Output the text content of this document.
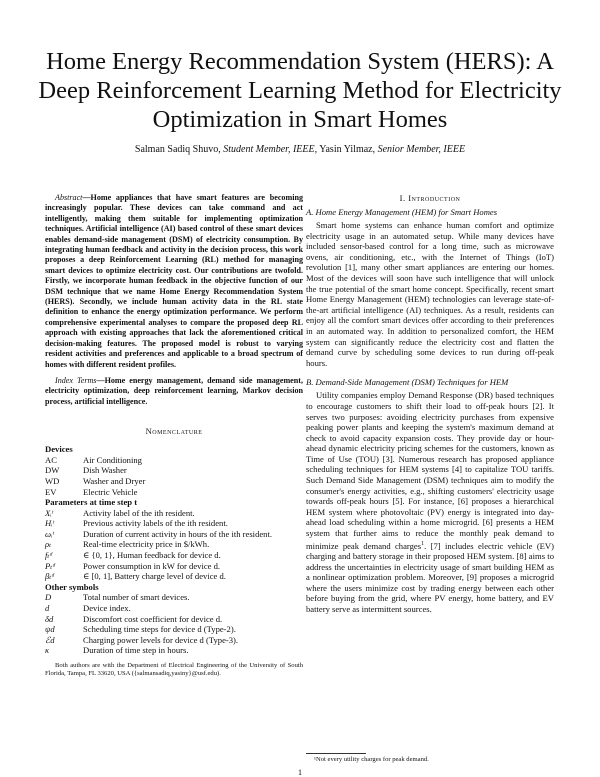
Home Energy Recommendation System (HERS): A Deep Reinforcement Learning Method for Electricity Optimization in Smart Homes
Salman Sadiq Shuvo, Student Member, IEEE, Yasin Yilmaz, Senior Member, IEEE

Abstract—Home appliances that have smart features are becoming increasingly popular. These devices can take command and act intelligently, making them suitable for implementing optimization techniques. Artificial intelligence (AI) based control of these smart devices enables demand-side management (DSM) of electricity consumption. By integrating human feedback and activity in the decision process, this work proposes a deep Reinforcement Learning (RL) method for managing smart devices to optimize electricity cost. Our contributions are twofold. Firstly, we incorporate human feedback in the objective function of our DSM technique that we name Home Energy Recommendation System (HERS). Secondly, we include human activity data in the RL state definition to enhance the energy optimization performance. We perform comprehensive experimental analyses to compare the proposed deep RL approach with existing approaches that lack the aforementioned critical decision-making features. The proposed model is robust to varying resident activities and preferences and applicable to a broad spectrum of homes with different resident profiles.

Index Terms—Home energy management, demand side management, electricity optimization, deep reinforcement learning, Markov decision process, artificial intelligence.

Nomenclature
Devices
AC	Air Conditioning
DW	Dish Washer
WD	Washer and Dryer
EV	Electric Vehicle
Parameters at time step t
Xᵢᵗ	Activity label of the ith resident.
Hᵢᵗ	Previous activity labels of the ith resident.
ωᵢᵗ	Duration of current activity in hours of the ith resident.
ρₜ	Real-time electricity price in $/kWh.
fₜᵈ	∈ {0, 1}, Human feedback for device d.
Pₜᵈ	Power consumption in kW for device d.
βₜᵈ	∈ [0, 1], Battery charge level of device d.
Other symbols
D	Total number of smart devices.
d	Device index.
δd	Discomfort cost coefficient for device d.
ψd	Scheduling time steps for device d (Type-2).
ℰd	Charging power levels for device d (Type-3).
κ	Duration of time step in hours.

Both authors are with the Department of Electrical Engineering of the University of South Florida, Tampa, FL 33620, USA ({salmansadiq,yasiny}@usf.edu).

I. Introduction
A. Home Energy Management (HEM) for Smart Homes

Smart home systems can enhance human comfort and optimize electricity usage in an automated setup. While many devices have included sensor-based control for a long time, such as microwave ovens, air conditioning, etc., with the Internet of Things (IoT) revolution [1], many other smart appliances are entering our homes. Most of the devices will soon have such intelligence that will unlock the true potential of the smart home concept. Specifically, recent smart Home Energy Management (HEM) technologies can leverage state-of-the-art artificial intelligence (AI) techniques. As a result, residents can enjoy all the comfort smart devices offer according to their preferences in an automated way. In addition to personalized comfort, the HEM system can significantly reduce the electricity cost and flatten the demand curve by scheduling some devices to run during off-peak hours.

B. Demand-Side Management (DSM) Techniques for HEM

Utility companies employ Demand Response (DR) based techniques to encourage customers to shift their load to off-peak hours [2]. It serves two purposes: avoiding electricity purchases from expensive peaking power plants and keeping the system's maximum demand at check to avoid capacity expansion costs. They provide day or hour-ahead dynamic electricity pricing schemes for the customers, known as Time of Use (TOU) [3]. Numerous research has proposed appliance scheduling techniques for HEM systems [4] to capitalize TOU tariffs. Such Demand Side Management (DSM) techniques aim to modify the consumer's energy activities, e.g., shifting customers' electricity usage towards off-peak hours [5]. For instance, [6] proposes a hierarchical HEM system where photovoltaic (PV) energy is integrated into day-ahead load scheduling within a home microgrid. [6] presents a HEM system that further aims to reduce the monthly peak demand to minimize peak demand charges$^1$. [7] includes electric vehicle (EV) charging and battery storage in their proposed HEM system. [8] aims to address the uncertainties in electricity usage of smart building HEM as a nonlinear optimization problem. Moreover, [9] proposes a microgrid where the users minimize cost by trading energy between each other before buying from the grid, where PV energy, home battery, and EV battery serve as intermittent sources.

¹Not every utility charges for peak demand.
1
